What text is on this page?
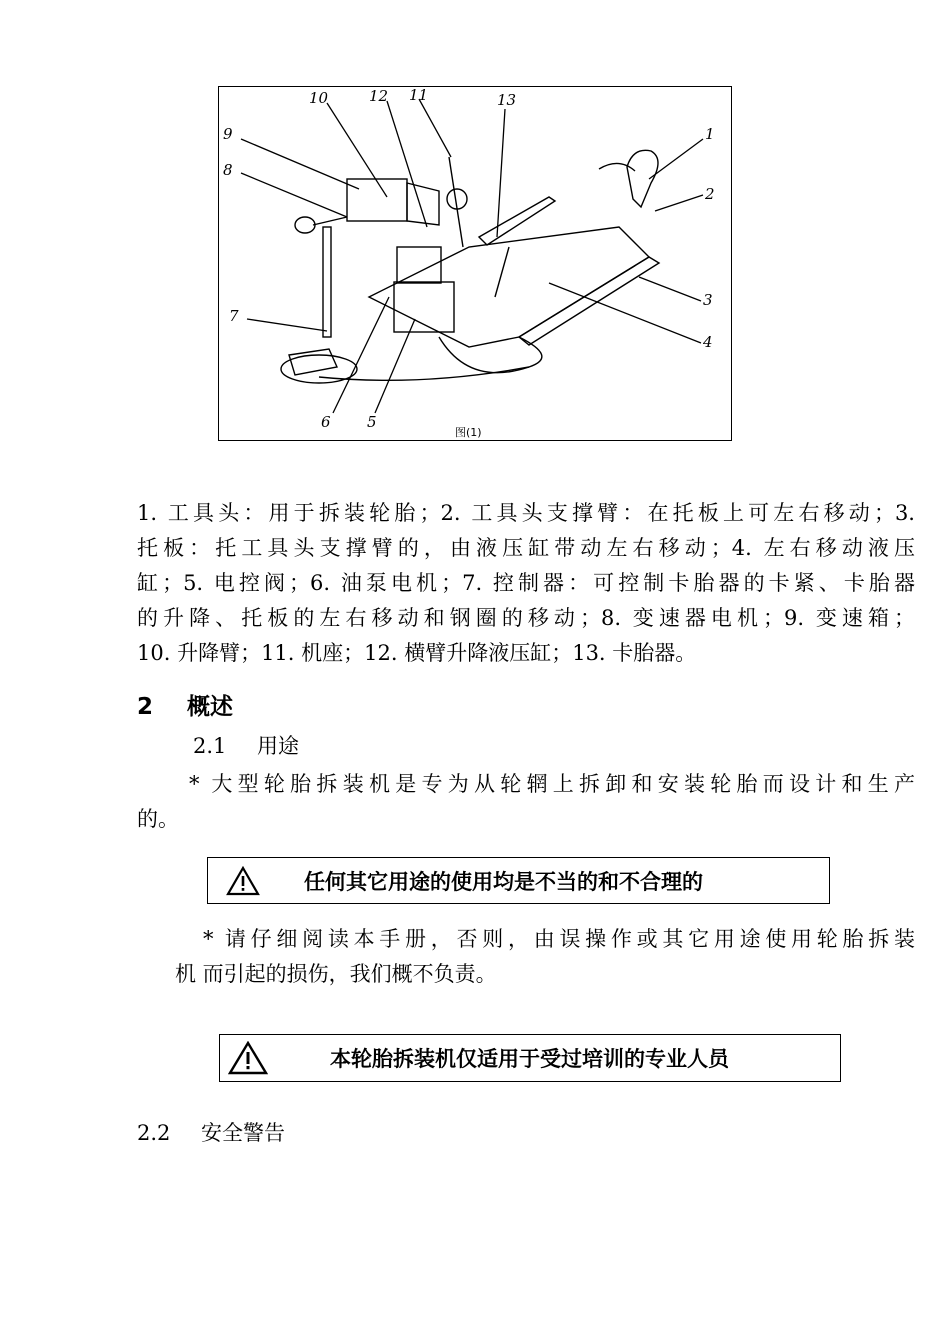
10	12 11	13
9
8
1
2
3
7
4
6 5
图(1)
1. 工具头：用于拆装轮胎；2. 工具头支撑臂：在托板上可左右移动；3.
托板：托工具头支撑臂的，由液压缸带动左右移动；4. 左右移动液压
缸；5. 电控阀；6. 油泵电机；7. 控制器：可控制卡胎器的卡紧、卡胎器
的升降、托板的左右移动和钢圈的移动；8. 变速器电机；9. 变速箱；
10. 升降臂；11. 机座；12. 横臂升降液压缸；13. 卡胎器。
2 概述
2.1 用途
* 大型轮胎拆装机是专为从轮辋上拆卸和安装轮胎而设计和生产
的。
任何其它用途的使用均是不当的和不合理的
* 请仔细阅读本手册，否则，由误操作或其它用途使用轮胎拆装
机 而引起的损伤，我们概不负责。
本轮胎拆装机仅适用于受过培训的专业人员
2.2 安全警告
